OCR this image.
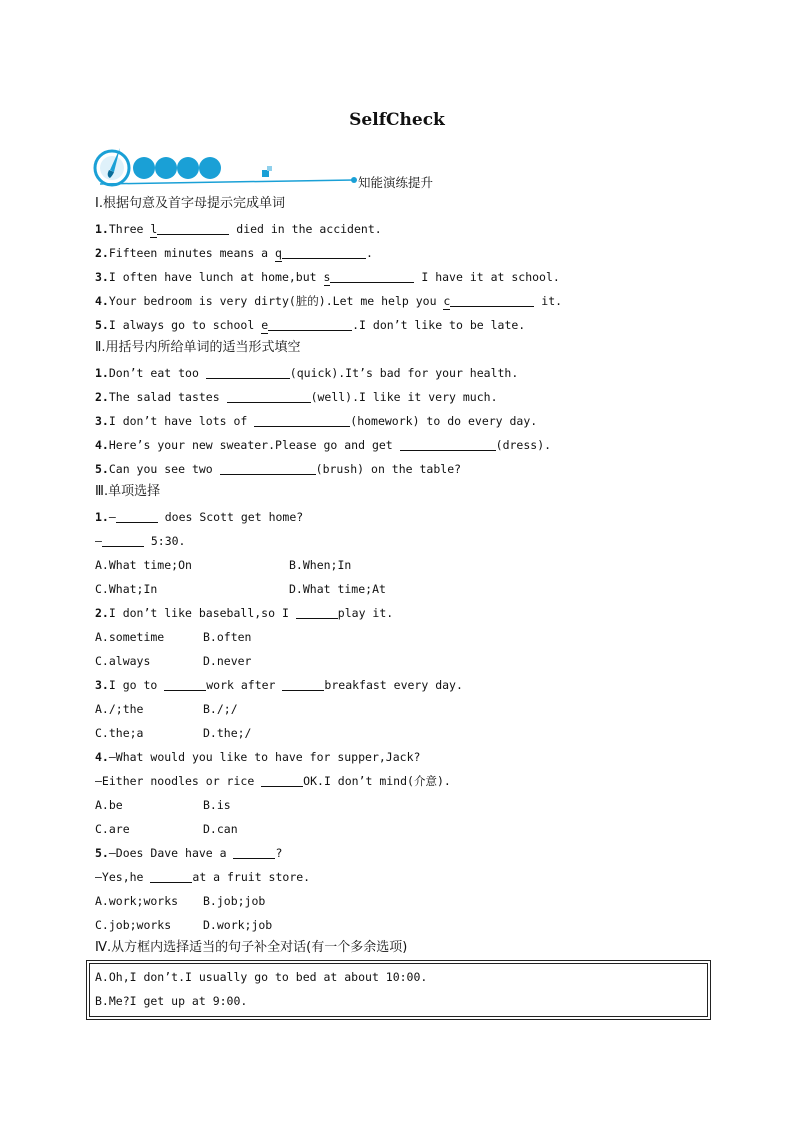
SelfCheck
知能演练提升
Ⅰ.根据句意及首字母提示完成单词
1.Three l	died in the accident.
2.Fifteen minutes means a q	.
3.I often have lunch at home,but s	I have it at school.
4.Your bedroom is very dirty(脏的).Let me help you c	it.
5.I always go to school e	.I don’t like to be late.
Ⅱ.用括号内所给单词的适当形式填空
1.Don’t eat too	(quick).It’s bad for your health.
2.The salad tastes	(well).I like it very much.
3.I don’t have lots of	(homework) to do every day.
4.Here’s your new sweater.Please go and get	(dress).
5.Can you see two	(brush) on the table?
Ⅲ.单项选择
1.—	does Scott get home?
—	5:30.
A.What time;On	B.When;In
C.What;In	D.What time;At
2.I don’t like baseball,so I	play it.
A.sometime	B.often
C.always	D.never
3.I go to	work after	breakfast every day.
A./;the	B./;/
C.the;a	D.the;/
4.—What would you like to have for supper,Jack?
—Either noodles or rice	OK.I don’t mind(介意).
A.be	B.is
C.are	D.can
5.—Does Dave have a	?
—Yes,he	at a fruit store.
A.work;works B.job;job
C.job;works	D.work;job
Ⅳ.从方框内选择适当的句子补全对话(有一个多余选项)
A.Oh,I don’t.I usually go to bed at about 10:00.
B.Me?I get up at 9:00.
